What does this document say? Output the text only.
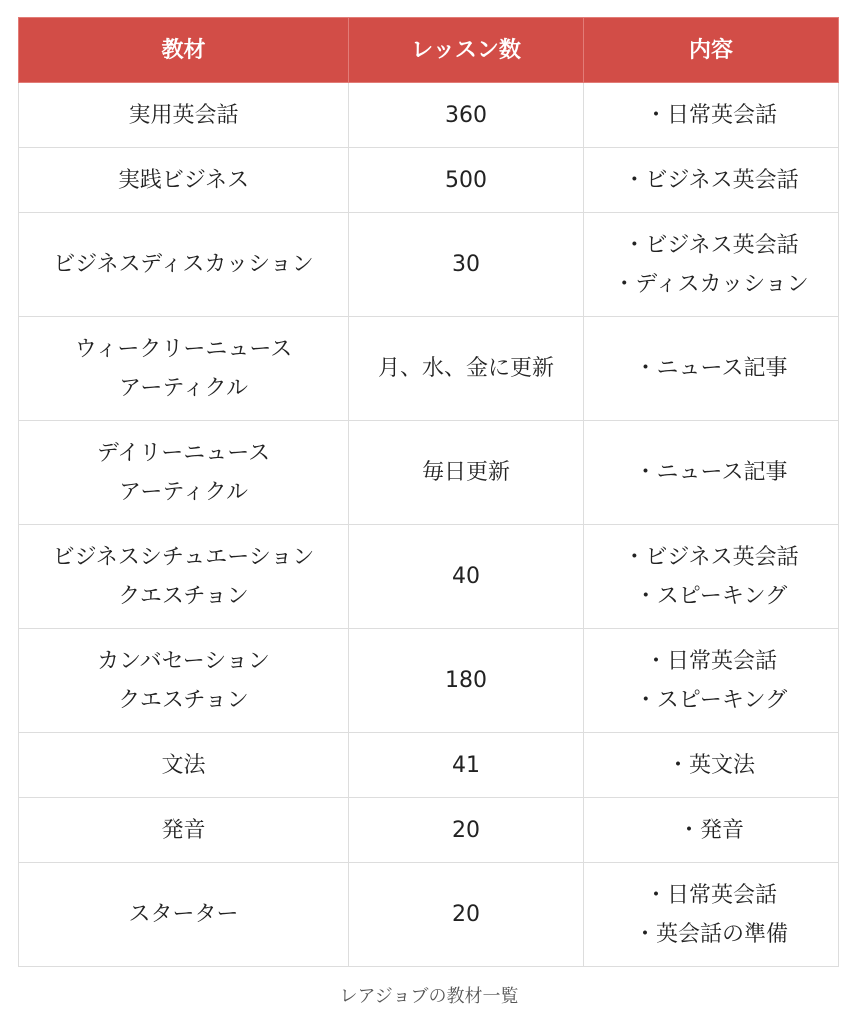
教材	レッスン数	内容

実用英会話	360	・日常英会話

実践ビジネス	500	・ビジネス英会話

ビジネスディスカッション	30	・ビジネス英会話
・ディスカッション

ウィークリーニュース
アーティクル	月、水、金に更新	・ニュース記事

デイリーニュース
アーティクル	毎日更新	・ニュース記事

ビジネスシチュエーション
クエスチョン	40	・ビジネス英会話
・スピーキング

カンバセーション
クエスチョン	180	・日常英会話
・スピーキング

文法	41	・英文法

発音	20	・発音

スターター	20	・日常英会話
・英会話の準備
レアジョブの教材一覧
